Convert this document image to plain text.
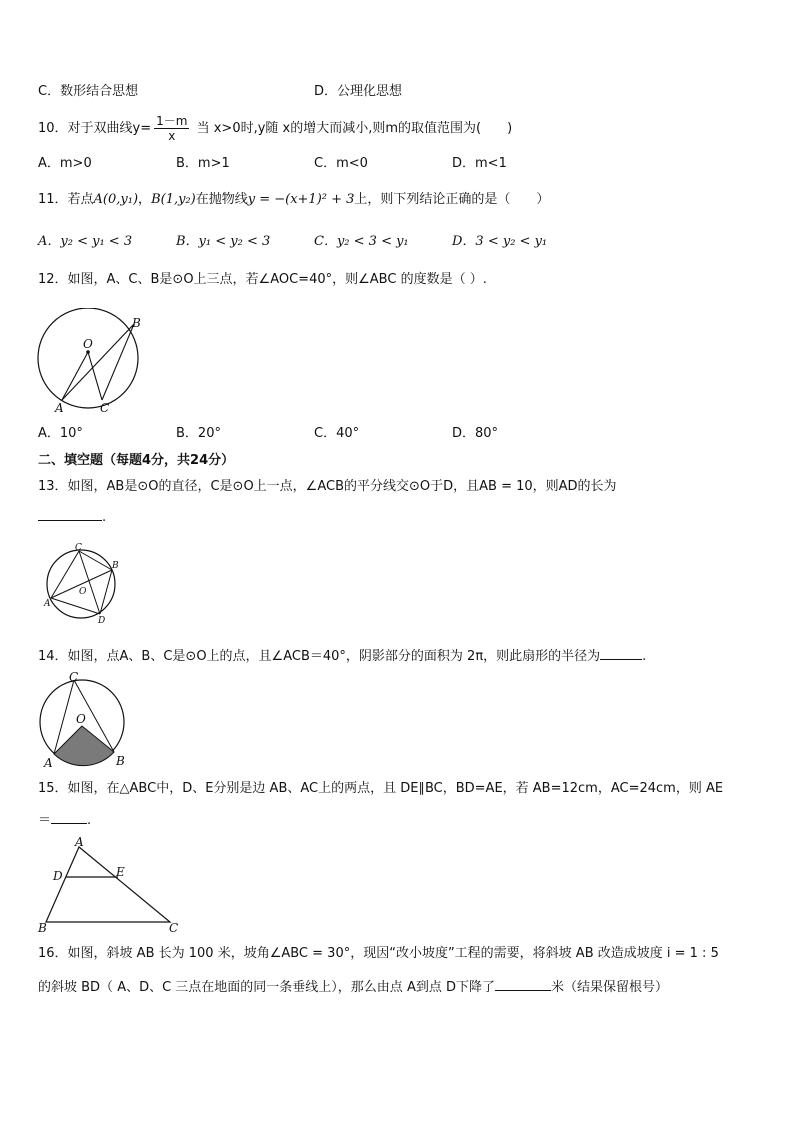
C．数形结合思想	D．公理化思想
10．对于双曲线$y= \frac{1-m}{x}$ 当 x>0时,y随 x的增大而减小,则m的取值范围为(　　)
A．m>0	B．m>1	C．m<0	D．m<1
11．若点A(0,y₁)，B(1,y₂)在抛物线y = −(x+1)² + 3上，则下列结论正确的是（　　）
A．y₂ < y₁ < 3	B．y₁ < y₂ < 3	C．y₂ < 3 < y₁	D．3 < y₂ < y₁
12．如图，A、C、B是⊙O上三点，若∠AOC=40°，则∠ABC 的度数是（ ）.
O
A
B
C
A．10°	B．20°	C．40°	D．80°
二、填空题（每题4分，共24分）
13．如图，AB是⊙O的直径，C是⊙O上一点，∠ACB的平分线交⊙O于D，且AB = 10，则AD的长为
.
C
B
A
O
D
14．如图，点A、B、C是⊙O上的点，且∠ACB＝40°，阴影部分的面积为 2π，则此扇形的半径为	.
C
O
A	B
15．如图，在△ABC中，D、E分别是边 AB、AC上的两点，且 DE∥BC，BD=AE，若 AB=12cm，AC=24cm，则 AE
＝	.
A
D	E
B	C
16．如图，斜坡 AB 长为 100 米，坡角∠ABC = 30°，现因“改小坡度”工程的需要，将斜坡 AB 改造成坡度 i = 1 : 5
的斜坡 BD（ A、D、C 三点在地面的同一条垂线上），那么由点 A到点 D下降了	米（结果保留根号）
